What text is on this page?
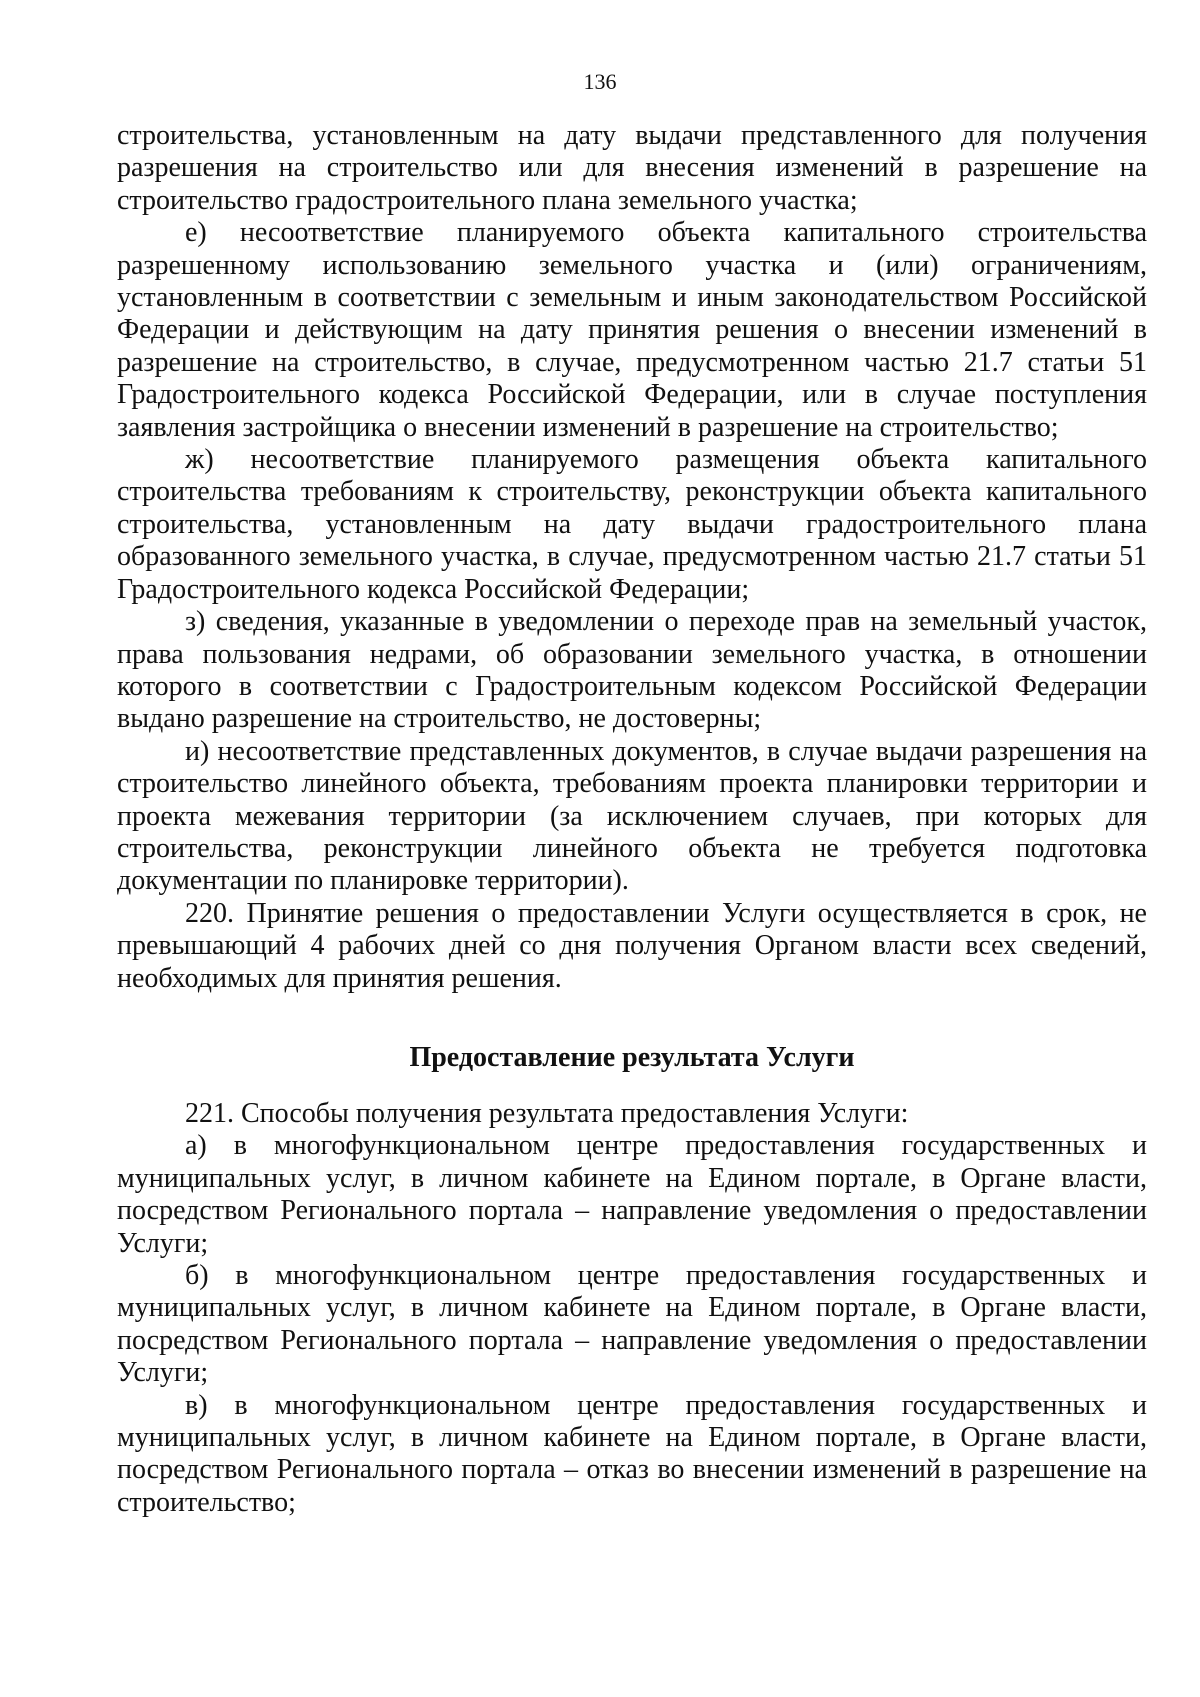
136

строительства, установленным на дату выдачи представленного для получения разрешения на строительство или для внесения изменений в разрешение на строительство градостроительного плана земельного участка;

е) несоответствие планируемого объекта капитального строительства разрешенному использованию земельного участка и (или) ограничениям, установленным в соответствии с земельным и иным законодательством Российской Федерации и действующим на дату принятия решения о внесении изменений в разрешение на строительство, в случае, предусмотренном частью 21.7 статьи 51 Градостроительного кодекса Российской Федерации, или в случае поступления заявления застройщика о внесении изменений в разрешение на строительство;

ж) несоответствие планируемого размещения объекта капитального строительства требованиям к строительству, реконструкции объекта капитального строительства, установленным на дату выдачи градостроительного плана образованного земельного участка, в случае, предусмотренном частью 21.7 статьи 51 Градостроительного кодекса Российской Федерации;

з) сведения, указанные в уведомлении о переходе прав на земельный участок, права пользования недрами, об образовании земельного участка, в отношении которого в соответствии с Градостроительным кодексом Российской Федерации выдано разрешение на строительство, не достоверны;

и) несоответствие представленных документов, в случае выдачи разрешения на строительство линейного объекта, требованиям проекта планировки территории и проекта межевания территории (за исключением случаев, при которых для строительства, реконструкции линейного объекта не требуется подготовка документации по планировке территории).

220. Принятие решения о предоставлении Услуги осуществляется в срок, не превышающий 4 рабочих дней со дня получения Органом власти всех сведений, необходимых для принятия решения.

Предоставление результата Услуги

221. Способы получения результата предоставления Услуги:

а) в многофункциональном центре предоставления государственных и муниципальных услуг, в личном кабинете на Едином портале, в Органе власти, посредством Регионального портала – направление уведомления о предоставлении Услуги;

б) в многофункциональном центре предоставления государственных и муниципальных услуг, в личном кабинете на Едином портале, в Органе власти, посредством Регионального портала – направление уведомления о предоставлении Услуги;

в) в многофункциональном центре предоставления государственных и муниципальных услуг, в личном кабинете на Едином портале, в Органе власти, посредством Регионального портала – отказ во внесении изменений в разрешение на строительство;
